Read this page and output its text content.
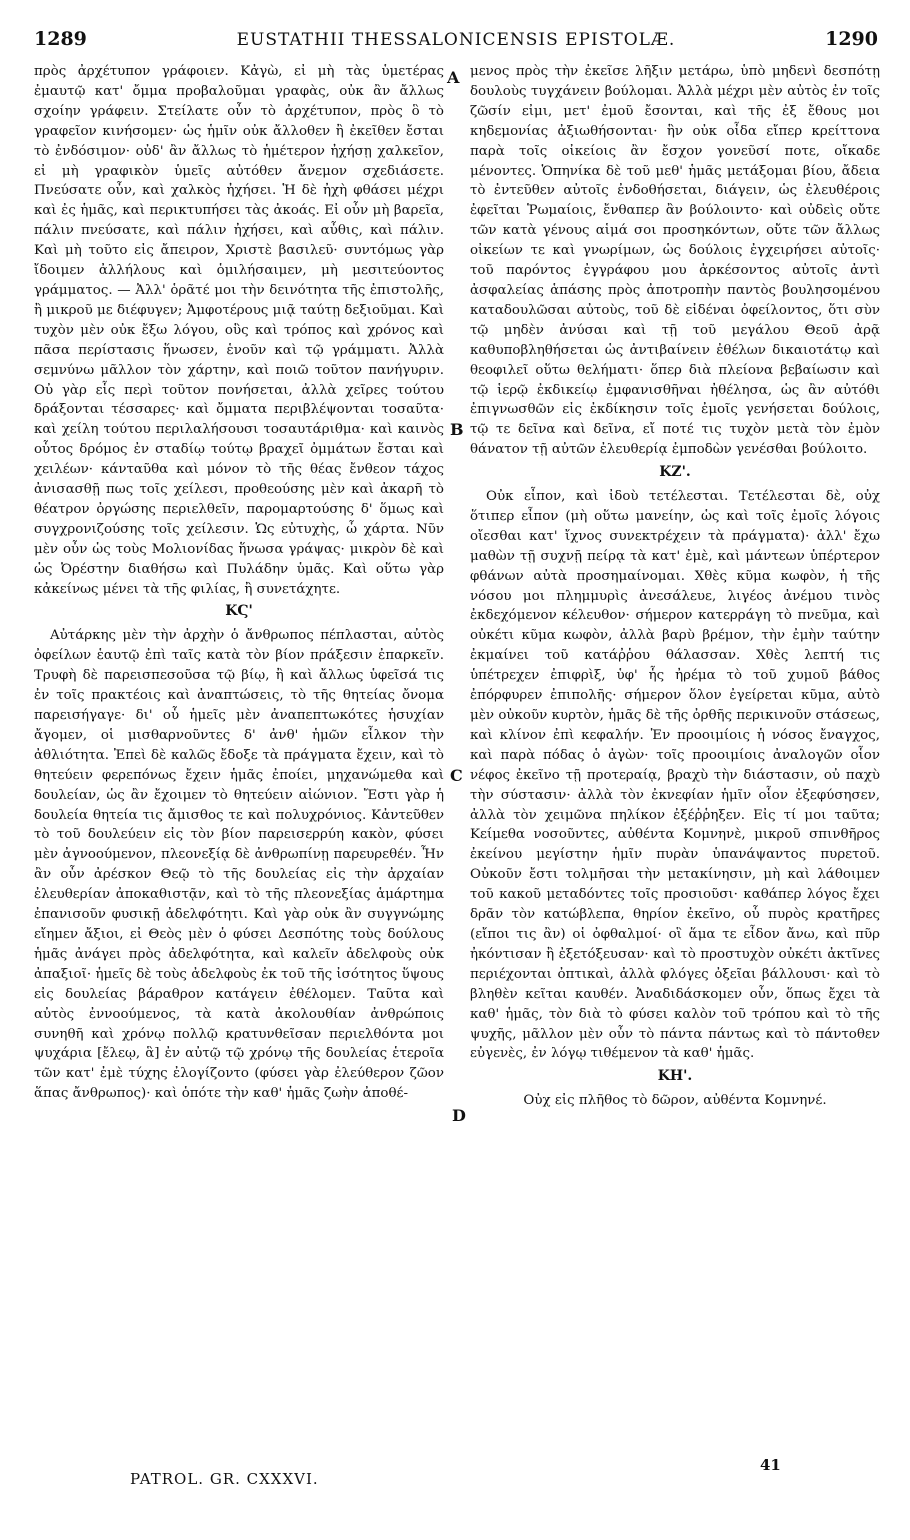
1289	EUSTATHII THESSALONICENSIS EPISTOLÆ.	1290
A
B
C
D

πρὸς ἀρχέτυπον γράφοιεν. Κἀγὼ, εἰ μὴ τὰς ὑμετέρας ἐμαυτῷ κατ' ὄμμα προβαλοῦμαι γραφὰς, οὐκ ἂν ἄλλως σχοίην γράφειν. Στείλατε οὖν τὸ ἀρχέτυπον, πρὸς ὃ τὸ γραφεῖον κινήσομεν· ὡς ἡμῖν οὐκ ἄλλοθεν ἢ ἐκεῖθεν ἔσται τὸ ἐνδόσιμον· οὐδ' ἂν ἄλλως τὸ ἡμέτερον ἠχήσῃ χαλκεῖον, εἰ μὴ γραφικὸν ὑμεῖς αὐτόθεν ἄνεμον σχεδιάσετε. Πνεύσατε οὖν, καὶ χαλκὸς ἠχήσει. Ἡ δὲ ἠχὴ φθάσει μέχρι καὶ ἐς ἡμᾶς, καὶ περικτυπήσει τὰς ἀκοάς. Εἰ οὖν μὴ βαρεῖα, πάλιν πνεύσατε, καὶ πάλιν ἠχήσει, καὶ αὖθις, καὶ πάλιν. Καὶ μὴ τοῦτο εἰς ἄπειρον, Χριστὲ βασιλεῦ· συντόμως γὰρ ἴδοιμεν ἀλλήλους καὶ ὁμιλήσαιμεν, μὴ μεσιτεύοντος γράμματος. — Ἀλλ' ὁρᾶτέ μοι τὴν δεινότητα τῆς ἐπιστολῆς, ἢ μικροῦ με διέφυγεν; Ἀμφοτέρους μιᾷ ταύτῃ δεξιοῦμαι. Καὶ τυχὸν μὲν οὐκ ἔξω λόγου, οὓς καὶ τρόπος καὶ χρόνος καὶ πᾶσα περίστασις ἥνωσεν, ἑνοῦν καὶ τῷ γράμματι. Ἀλλὰ σεμνύνω μᾶλλον τὸν χάρτην, καὶ ποιῶ τοῦτον πανήγυριν. Οὐ γὰρ εἷς περὶ τοῦτον πονήσεται, ἀλλὰ χεῖρες τούτου δράξονται τέσσαρες· καὶ ὄμματα περιβλέψονται τοσαῦτα· καὶ χείλη τούτου περιλαλήσουσι τοσαυτάριθμα· καὶ καινὸς οὗτος δρόμος ἐν σταδίῳ τούτῳ βραχεῖ ὀμμάτων ἔσται καὶ χειλέων· κάνταῦθα καὶ μόνον τὸ τῆς θέας ἔνθεον τάχος ἀνισασθῇ πως τοῖς χείλεσι, προθεούσης μὲν καὶ ἀκαρῆ τὸ θέατρον ὀργώσης περιελθεῖν, παρομαρτούσης δ' ὅμως καὶ συγχρονιζούσης τοῖς χείλεσιν. Ὡς εὐτυχὴς, ὦ χάρτα. Νῦν μὲν οὖν ὡς τοὺς Μολιονίδας ἥνωσα γράψας· μικρὸν δὲ καὶ ὡς Ὀρέστην διαθήσω καὶ Πυλάδην ὑμᾶς. Καὶ οὕτω γὰρ κἀκείνως μένει τὰ τῆς φιλίας, ἢ συνετάχητε.

ΚϚ'

Αὐτάρκης μὲν τὴν ἀρχὴν ὁ ἄνθρωπος πέπλασται, αὐτὸς ὀφείλων ἑαυτῷ ἐπὶ ταῖς κατὰ τὸν βίον πράξεσιν ἐπαρκεῖν. Τρυφὴ δὲ παρεισπεσοῦσα τῷ βίῳ, ἢ καὶ ἄλλως ὑφεῖσά τις ἐν τοῖς πρακτέοις καὶ ἀναπτώσεις, τὸ τῆς θητείας ὄνομα παρεισήγαγε· δι' οὗ ἡμεῖς μὲν ἀναπεπτωκότες ἡσυχίαν ἄγομεν, οἱ μισθαρνοῦντες δ' ἀνθ' ἡμῶν εἶλκον τὴν ἀθλιότητα. Ἐπεὶ δὲ καλῶς ἔδοξε τὰ πράγματα ἔχειν, καὶ τὸ θητεύειν φερεπόνως ἔχειν ἡμᾶς ἐποίει, μηχανώμεθα καὶ δουλείαν, ὡς ἂν ἔχοιμεν τὸ θητεύειν αἰώνιον. Ἔστι γὰρ ἡ δουλεία θητεία τις ἄμισθος τε καὶ πολυχρόνιος. Κἀντεῦθεν τὸ τοῦ δουλεύειν εἰς τὸν βίον παρεισερρύη κακὸν, φύσει μὲν ἀγνοούμενον, πλεονεξίᾳ δὲ ἀνθρωπίνῃ παρευρεθέν. Ἦν ἂν οὖν ἀρέσκον Θεῷ τὸ τῆς δουλείας εἰς τὴν ἀρχαίαν ἐλευθερίαν ἀποκαθιστᾷν, καὶ τὸ τῆς πλεονεξίας ἁμάρτημα ἐπανισοῦν φυσικῇ ἀδελφότητι. Καὶ γὰρ οὐκ ἂν συγγνώμης εἴημεν ἄξιοι, εἰ Θεὸς μὲν ὁ φύσει Δεσπότης τοὺς δούλους ἡμᾶς ἀνάγει πρὸς ἀδελφότητα, καὶ καλεῖν ἀδελφοὺς οὐκ ἀπαξιοῖ· ἡμεῖς δὲ τοὺς ἀδελφοὺς ἐκ τοῦ τῆς ἰσότητος ὕψους εἰς δουλείας βάραθρον κατάγειν ἐθέλομεν. Ταῦτα καὶ αὐτὸς ἐννοούμενος, τὰ κατὰ ἀκολουθίαν ἀνθρώποις συνηθῆ καὶ χρόνῳ πολλῷ κρατυνθεῖσαν περιελθόντα μοι ψυχάρια [ἔλεῳ, ἃ] ἐν αὐτῷ τῷ χρόνῳ τῆς δουλείας ἑτεροῖα τῶν κατ' ἐμὲ τύχης ἐλογίζοντο (φύσει γὰρ ἐλεύθερον ζῶον ἅπας ἄνθρωπος)· καὶ ὁπότε τὴν καθ' ἡμᾶς ζωὴν ἀποθέ-

μενος πρὸς τὴν ἐκεῖσε λῆξιν μετάρω, ὑπὸ μηδενὶ δεσπότῃ δουλοὺς τυγχάνειν βούλομαι. Ἀλλὰ μέχρι μὲν αὐτὸς ἐν τοῖς ζῶσίν εἰμι, μετ' ἐμοῦ ἔσονται, καὶ τῆς ἐξ ἔθους μοι κηδεμονίας ἀξιωθήσονται· ἣν οὐκ οἶδα εἴπερ κρείττονα παρὰ τοῖς οἰκείοις ἂν ἔσχον γονεῦσί ποτε, οἴκαδε μένοντες. Ὁπηνίκα δὲ τοῦ μεθ' ἡμᾶς μετάξομαι βίου, ἄδεια τὸ ἐντεῦθεν αὐτοῖς ἐνδοθήσεται, διάγειν, ὡς ἐλευθέροις ἐφεῖται Ῥωμαίοις, ἔνθαπερ ἂν βούλοιντο· καὶ οὐδεὶς οὔτε τῶν κατὰ γένους αἱμά σοι προσηκόντων, οὔτε τῶν ἄλλως οἰκείων τε καὶ γνωρίμων, ὡς δούλοις ἐγχειρήσει αὐτοῖς· τοῦ παρόντος ἐγγράφου μου ἀρκέσοντος αὐτοῖς ἀντὶ ἀσφαλείας ἁπάσης πρὸς ἀποτροπὴν παντὸς βουλησομένου καταδουλῶσαι αὐτοὺς, τοῦ δὲ εἰδέναι ὀφείλοντος, ὅτι σὺν τῷ μηδὲν ἀνύσαι καὶ τῇ τοῦ μεγάλου Θεοῦ ἀρᾷ καθυποβληθήσεται ὡς ἀντιβαίνειν ἐθέλων δικαιοτάτῳ καὶ θεοφιλεῖ οὕτω θελήματι· ὅπερ διὰ πλείονα βεβαίωσιν καὶ τῷ ἱερῷ ἐκδικείῳ ἐμφανισθῆναι ἠθέλησα, ὡς ἂν αὐτόθι ἐπιγνωσθῶν εἰς ἐκδίκησιν τοῖς ἐμοῖς γενήσεται δούλοις, τῷ τε δεῖνα καὶ δεῖνα, εἴ ποτέ τις τυχὸν μετὰ τὸν ἐμὸν θάνατον τῇ αὐτῶν ἐλευθερίᾳ ἐμποδὼν γενέσθαι βούλοιτο.

ΚΖ'.

Οὐκ εἶπον, καὶ ἰδοὺ τετέλεσται. Τετέλεσται δὲ, οὐχ ὅτιπερ εἶπον (μὴ οὕτω μανείην, ὡς καὶ τοῖς ἐμοῖς λόγοις οἴεσθαι κατ' ἴχνος συνεκτρέχειν τὰ πράγματα)· ἀλλ' ἔχω μαθὼν τῇ συχνῇ πείρᾳ τὰ κατ' ἐμὲ, καὶ μάντεων ὑπέρτερον φθάνων αὐτὰ προσημαίνομαι. Χθὲς κῦμα κωφὸν, ἡ τῆς νόσου μοι πλημμυρὶς ἀνεσάλευε, λιγέος ἀνέμου τινὸς ἐκδεχόμενον κέλευθον· σήμερον κατερράγη τὸ πνεῦμα, καὶ οὐκέτι κῦμα κωφὸν, ἀλλὰ βαρὺ βρέμον, τὴν ἐμὴν ταύτην ἐκμαίνει τοῦ κατάῤῥου θάλασσαν. Χθὲς λεπτή τις ὑπέτρεχεν ἐπιφρὶξ, ὑφ' ἧς ἠρέμα τὸ τοῦ χυμοῦ βάθος ἐπόρφυρεν ἐπιπολῆς· σήμερον ὅλον ἐγείρεται κῦμα, αὐτὸ μὲν οὐκοῦν κυρτὸν, ἡμᾶς δὲ τῆς ὀρθῆς περικινοῦν στάσεως, καὶ κλίνον ἐπὶ κεφαλήν. Ἐν προοιμίοις ἡ νόσος ἔναγχος, καὶ παρὰ πόδας ὁ ἀγὼν· τοῖς προοιμίοις ἀναλογῶν οἷον νέφος ἐκεῖνο τῇ προτεραίᾳ, βραχὺ τὴν διάστασιν, οὐ παχὺ τὴν σύστασιν· ἀλλὰ τὸν ἐκνεφίαν ἡμῖν οἷον ἐξεφύσησεν, ἀλλὰ τὸν χειμῶνα πηλίκον ἐξέῤῥηξεν. Εἰς τί μοι ταῦτα; Κείμεθα νοσοῦντες, αὐθέντα Κομνηνὲ, μικροῦ σπινθῆρος ἐκείνου μεγίστην ἡμῖν πυρὰν ὑπανάψαντος πυρετοῦ. Οὐκοῦν ἔστι τολμῆσαι τὴν μετακίνησιν, μὴ καὶ λάθοιμεν τοῦ κακοῦ μεταδόντες τοῖς προσιοῦσι· καθάπερ λόγος ἔχει δρᾶν τὸν κατώβλεπα, θηρίον ἐκεῖνο, οὗ πυρὸς κρατῆρες (εἴποι τις ἂν) οἱ ὀφθαλμοί· οἳ ἅμα τε εἶδον ἄνω, καὶ πῦρ ἠκόντισαν ἢ ἐξετόξευσαν· καὶ τὸ προστυχὸν οὐκέτι ἀκτῖνες περιέχονται ὀπτικαὶ, ἀλλὰ φλόγες ὀξεῖαι βάλλουσι· καὶ τὸ βληθὲν κεῖται καυθέν. Ἀναδιδάσκομεν οὖν, ὅπως ἔχει τὰ καθ' ἡμᾶς, τὸν διὰ τὸ φύσει καλὸν τοῦ τρόπου καὶ τὸ τῆς ψυχῆς, μᾶλλον μὲν οὖν τὸ πάντα πάντως καὶ τὸ πάντοθεν εὐγενὲς, ἐν λόγῳ τιθέμενον τὰ καθ' ἡμᾶς.

ΚΗ'.

Οὐχ εἰς πλῆθος τὸ δῶρον, αὐθέντα Κομνηνέ.

PATROL. GR. CXXXVI.
41
